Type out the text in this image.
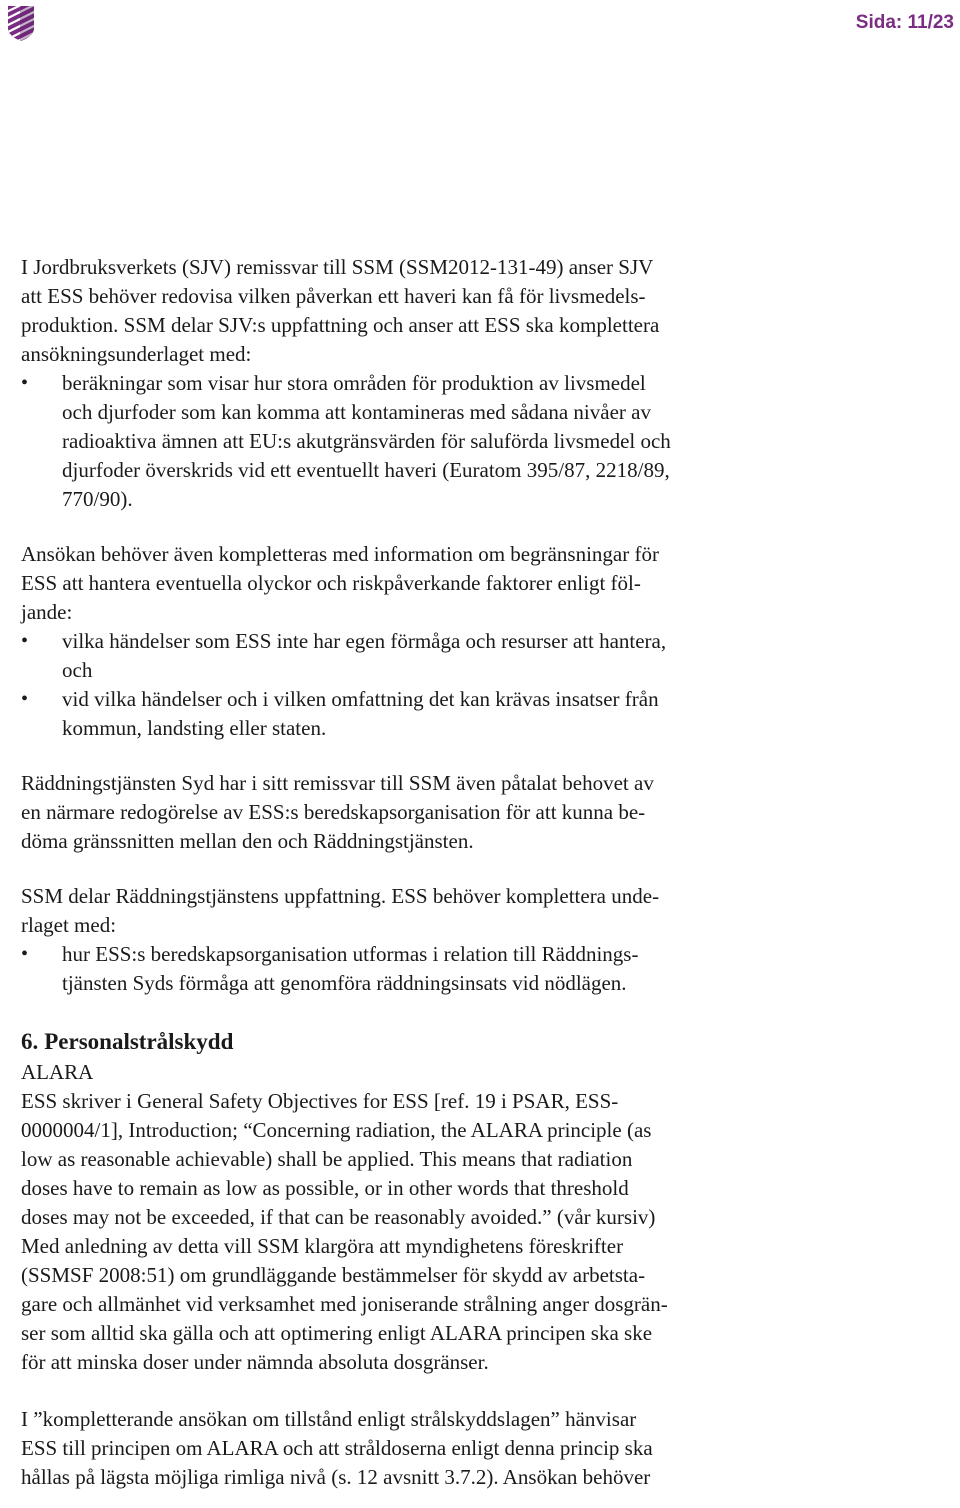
Sida: 11/23
I Jordbruksverkets (SJV) remissvar till SSM (SSM2012-131-49) anser SJV
att ESS behöver redovisa vilken påverkan ett haveri kan få för livsmedels-
produktion. SSM delar SJV:s uppfattning och anser att ESS ska komplettera
ansökningsunderlaget med:
• beräkningar som visar hur stora områden för produktion av livsmedel
och djurfoder som kan komma att kontamineras med sådana nivåer av
radioaktiva ämnen att EU:s akutgränsvärden för saluförda livsmedel och
djurfoder överskrids vid ett eventuellt haveri (Euratom 395/87, 2218/89,
770/90).
Ansökan behöver även kompletteras med information om begränsningar för
ESS att hantera eventuella olyckor och riskpåverkande faktorer enligt föl-
jande:
• vilka händelser som ESS inte har egen förmåga och resurser att hantera,
och
• vid vilka händelser och i vilken omfattning det kan krävas insatser från
kommun, landsting eller staten.
Räddningstjänsten Syd har i sitt remissvar till SSM även påtalat behovet av
en närmare redogörelse av ESS:s beredskapsorganisation för att kunna be-
döma gränssnitten mellan den och Räddningstjänsten.
SSM delar Räddningstjänstens uppfattning. ESS behöver komplettera unde-
rlaget med:
• hur ESS:s beredskapsorganisation utformas i relation till Räddnings-
tjänsten Syds förmåga att genomföra räddningsinsats vid nödlägen.
6. Personalstrålskydd
ALARA
ESS skriver i General Safety Objectives for ESS [ref. 19 i PSAR, ESS-
0000004/1], Introduction; “Concerning radiation, the ALARA principle (as
low as reasonable achievable) shall be applied. This means that radiation
doses have to remain as low as possible, or in other words that threshold
doses may not be exceeded, if that can be reasonably avoided.” (vår kursiv)
Med anledning av detta vill SSM klargöra att myndighetens föreskrifter
(SSMSF 2008:51) om grundläggande bestämmelser för skydd av arbetsta-
gare och allmänhet vid verksamhet med joniserande strålning anger dosgrän-
ser som alltid ska gälla och att optimering enligt ALARA principen ska ske
för att minska doser under nämnda absoluta dosgränser.
I ”kompletterande ansökan om tillstånd enligt strålskyddslagen” hänvisar
ESS till principen om ALARA och att stråldoserna enligt denna princip ska
hållas på lägsta möjliga rimliga nivå (s. 12 avsnitt 3.7.2). Ansökan behöver
